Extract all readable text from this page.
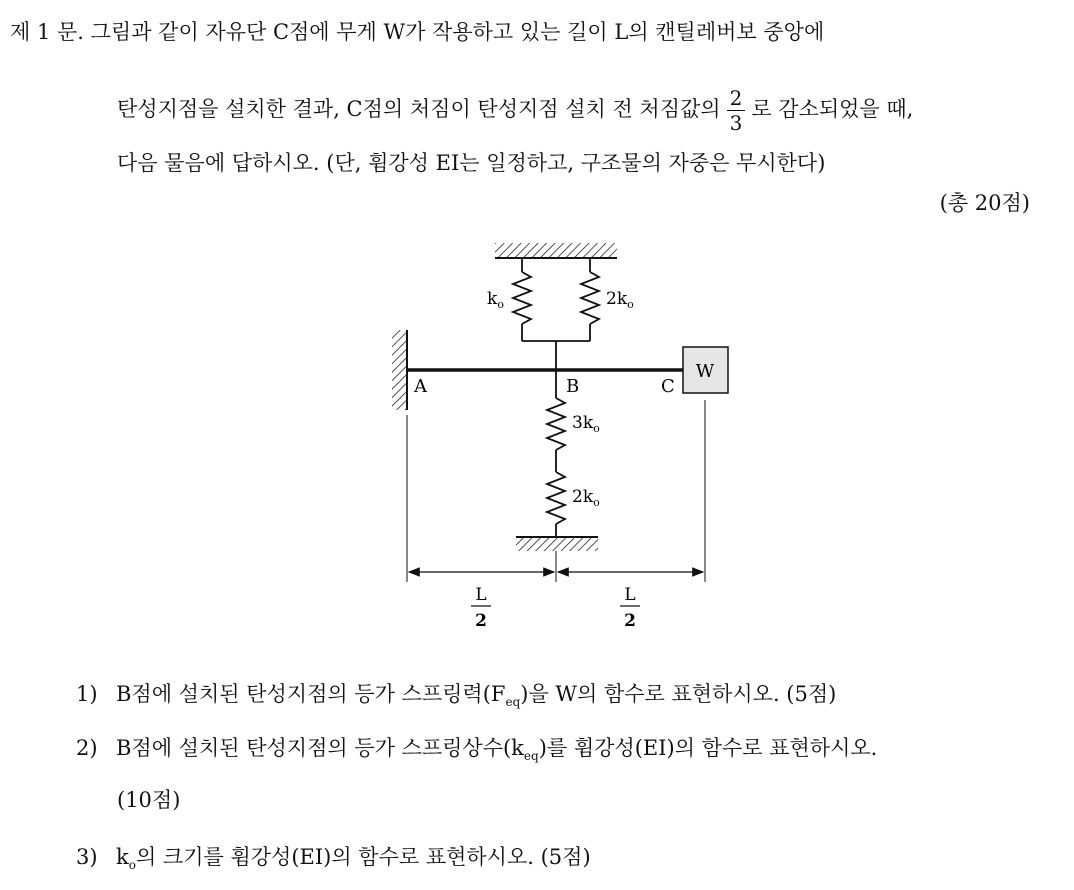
제 1 문. 그림과 같이 자유단 C점에 무게 W가 작용하고 있는 길이 L의 캔틸레버보 중앙에
탄성지점을 설치한 결과, C점의 처짐이 탄성지점 설치 전 처짐값의 $\frac{2}{3}$ 로 감소되었을 때,
다음 물음에 답하시오. (단, 휨강성 EI는 일정하고, 구조물의 자중은 무시한다)
(총 20점)
$k_o$	$2k_o$
W
A	B	C
$3k_o$
$2k_o$
L
2
L
2
1) B점에 설치된 탄성지점의 등가 스프링력$(F_{eq})$을 W의 함수로 표현하시오. (5점)
2) B점에 설치된 탄성지점의 등가 스프링상수$(k_{eq})$를 휨강성(EI)의 함수로 표현하시오.
(10점)
3) $k_o$의 크기를 휨강성(EI)의 함수로 표현하시오. (5점)
